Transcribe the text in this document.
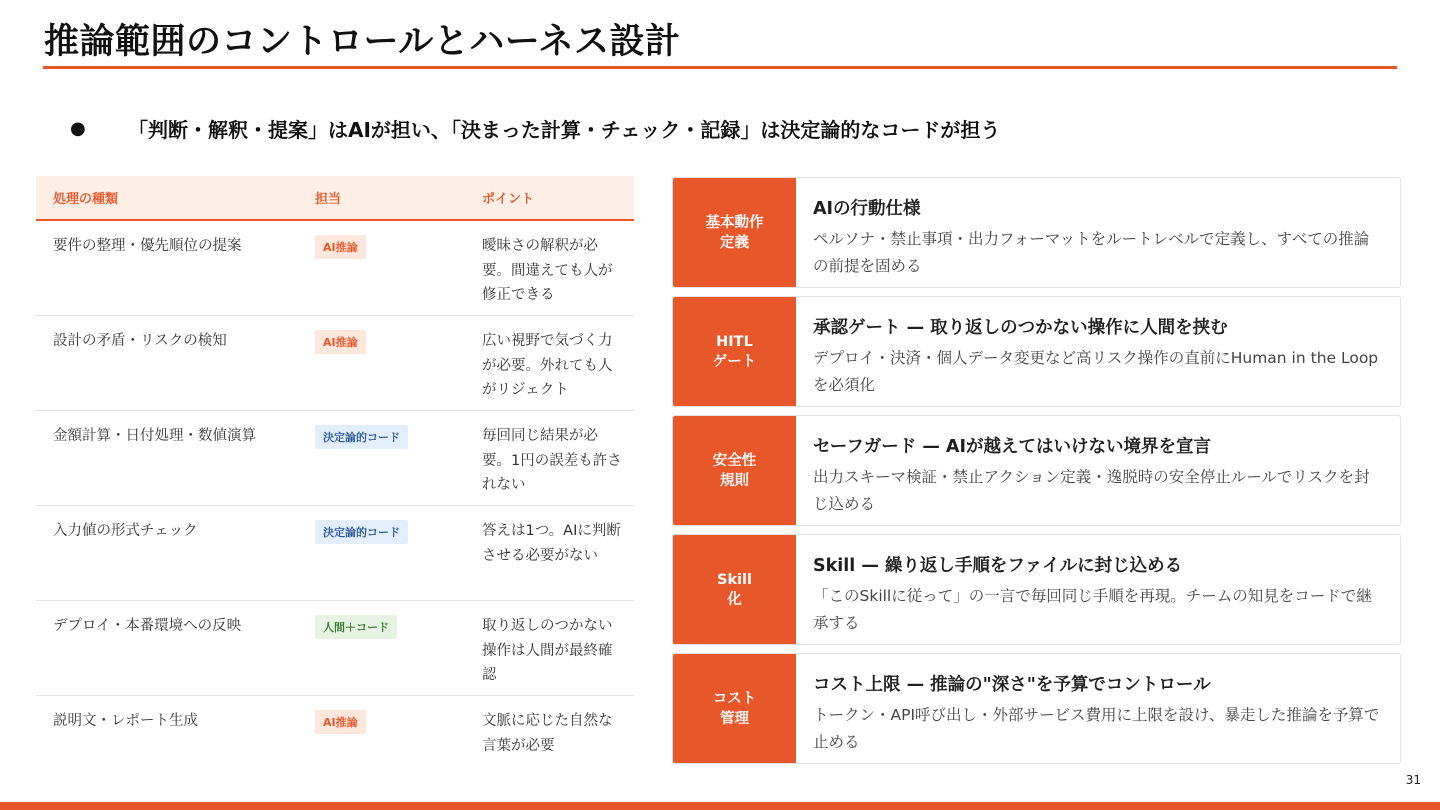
推論範囲のコントロールとハーネス設計
●	「判断・解釈・提案」はAIが担い、「決まった計算・チェック・記録」は決定論的なコードが担う
処理の種類	担当	ポイント
要件の整理・優先順位の提案	AI推論	曖昧さの解釈が必要。間違えても人が修正できる
設計の矛盾・リスクの検知	AI推論	広い視野で気づく力が必要。外れても人がリジェクト
金額計算・日付処理・数値演算	決定論的コード	毎回同じ結果が必要。1円の誤差も許されない
入力値の形式チェック	決定論的コード	答えは1つ。AIに判断させる必要がない
デプロイ・本番環境への反映	人間＋コード	取り返しのつかない操作は人間が最終確認
説明文・レポート生成	AI推論	文脈に応じた自然な言葉が必要
基本動作
定義
AIの行動仕様
ペルソナ・禁止事項・出力フォーマットをルートレベルで定義し、すべての推論の前提を固める
HITL
ゲート
承認ゲート — 取り返しのつかない操作に人間を挟む
デプロイ・決済・個人データ変更など高リスク操作の直前にHuman in the Loopを必須化
安全性
規則
セーフガード — AIが越えてはいけない境界を宣言
出力スキーマ検証・禁止アクション定義・逸脱時の安全停止ルールでリスクを封じ込める
Skill
化
Skill — 繰り返し手順をファイルに封じ込める
「このSkillに従って」の一言で毎回同じ手順を再現。チームの知見をコードで継承する
コスト
管理
コスト上限 — 推論の"深さ"を予算でコントロール
トークン・API呼び出し・外部サービス費用に上限を設け、暴走した推論を予算で止める
31
